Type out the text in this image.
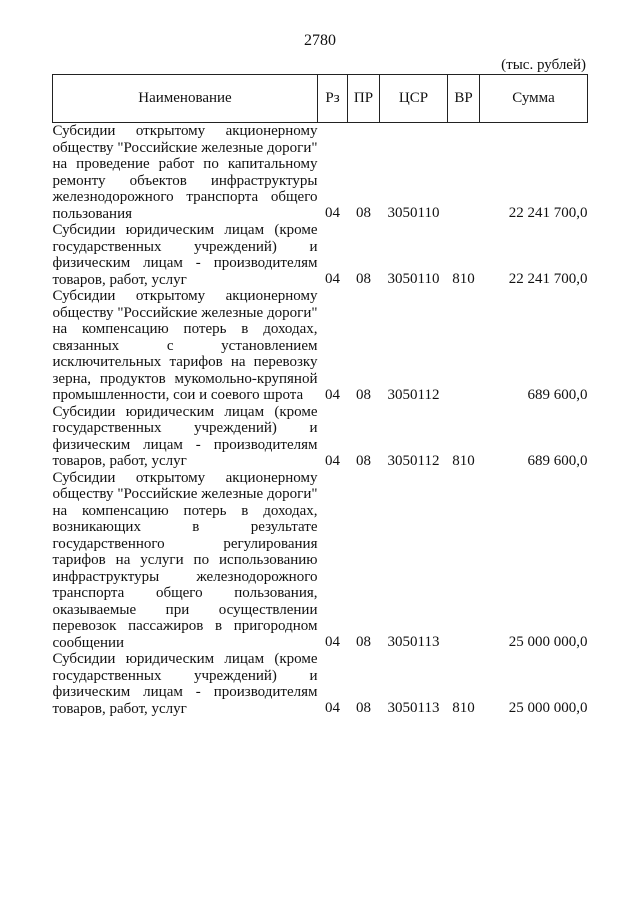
2780
(тыс. рублей)
Наименование	Рз	ПР	ЦСР	ВР	Сумма
Субсидии открытому акционерному обществу "Российские железные дороги" на проведение работ по капитальному ремонту объектов инфраструктуры железнодорожного транспорта общего пользования	04	08	3050110		22 241 700,0
Субсидии юридическим лицам (кроме государственных учреждений) и физическим лицам - производителям товаров, работ, услуг	04	08	3050110	810	22 241 700,0
Субсидии открытому акционерному обществу "Российские железные дороги" на компенсацию потерь в доходах, связанных с установлением исключительных тарифов на перевозку зерна, продуктов мукомольно-крупяной промышленности, сои и соевого шрота	04	08	3050112		689 600,0
Субсидии юридическим лицам (кроме государственных учреждений) и физическим лицам - производителям товаров, работ, услуг	04	08	3050112	810	689 600,0
Субсидии открытому акционерному обществу "Российские железные дороги" на компенсацию потерь в доходах, возникающих в результате государственного регулирования тарифов на услуги по использованию инфраструктуры железнодорожного транспорта общего пользования, оказываемые при осуществлении перевозок пассажиров в пригородном сообщении	04	08	3050113		25 000 000,0
Субсидии юридическим лицам (кроме государственных учреждений) и физическим лицам - производителям товаров, работ, услуг	04	08	3050113	810	25 000 000,0
